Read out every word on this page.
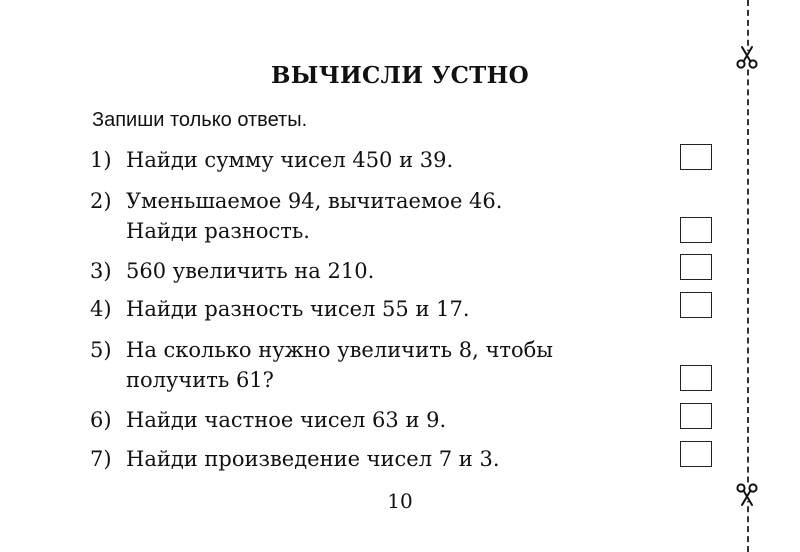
ВЫЧИСЛИ УСТНО
Запиши только ответы.
1) Найди сумму чисел 450 и 39.
2) Уменьшаемое 94, вычитаемое 46.
Найди разность.
3) 560 увеличить на 210.
4) Найди разность чисел 55 и 17.
5) На сколько нужно увеличить 8, чтобы
получить 61?
6) Найди частное чисел 63 и 9.
7) Найди произведение чисел 7 и 3.
10
